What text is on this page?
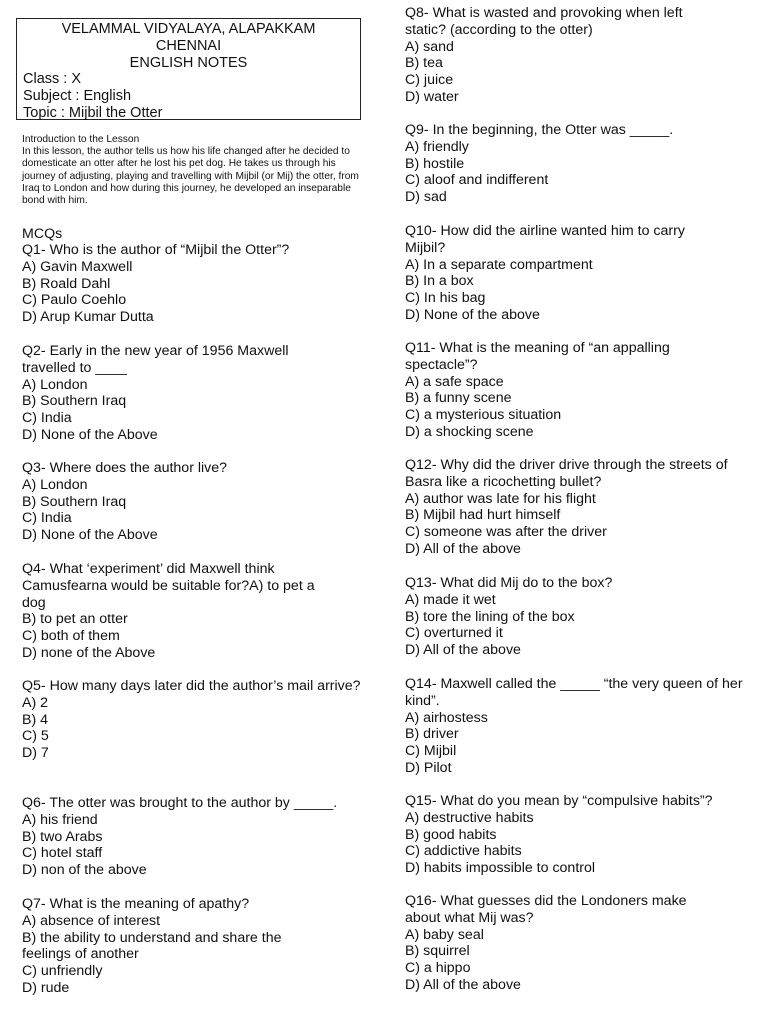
VELAMMAL VIDYALAYA, ALAPAKKAM
CHENNAI
ENGLISH NOTES
Class : X
Subject : English
Topic : Mijbil the Otter
Introduction to the Lesson
In this lesson, the author tells us how his life changed after he decided to domesticate an otter after he lost his pet dog. He takes us through his journey of adjusting, playing and travelling with Mijbil (or Mij) the otter, from Iraq to London and how during this journey, he developed an inseparable bond with him.
MCQs
Q1- Who is the author of “Mijbil the Otter”?
A) Gavin Maxwell
B) Roald Dahl
C) Paulo Coehlo
D) Arup Kumar Dutta
Q2- Early in the new year of 1956 Maxwell travelled to ____
A) London
B) Southern Iraq
C) India
D) None of the Above
Q3- Where does the author live?
A) London
B) Southern Iraq
C) India
D) None of the Above
Q4- What ‘experiment’ did Maxwell think Camusfearna would be suitable for?A) to pet a dog
B) to pet an otter
C) both of them
D) none of the Above
Q5- How many days later did the author’s mail arrive?
A) 2
B) 4
C) 5
D) 7
Q6- The otter was brought to the author by _____.
A) his friend
B) two Arabs
C) hotel staff
D) non of the above
Q7- What is the meaning of apathy?
A) absence of interest
B) the ability to understand and share the feelings of another
C) unfriendly
D) rude
Q8- What is wasted and provoking when left static? (according to the otter)
A) sand
B) tea
C) juice
D) water
Q9- In the beginning, the Otter was _____.
A) friendly
B) hostile
C) aloof and indifferent
D) sad
Q10- How did the airline wanted him to carry Mijbil?
A) In a separate compartment
B) In a box
C) In his bag
D) None of the above
Q11- What is the meaning of “an appalling spectacle”?
A) a safe space
B) a funny scene
C) a mysterious situation
D) a shocking scene
Q12- Why did the driver drive through the streets of Basra like a ricochetting bullet?
A) author was late for his flight
B) Mijbil had hurt himself
C) someone was after the driver
D) All of the above
Q13- What did Mij do to the box?
A) made it wet
B) tore the lining of the box
C) overturned it
D) All of the above
Q14- Maxwell called the _____ “the very queen of her kind”.
A) airhostess
B) driver
C) Mijbil
D) Pilot
Q15- What do you mean by “compulsive habits”?
A) destructive habits
B) good habits
C) addictive habits
D) habits impossible to control
Q16- What guesses did the Londoners make about what Mij was?
A) baby seal
B) squirrel
C) a hippo
D) All of the above
